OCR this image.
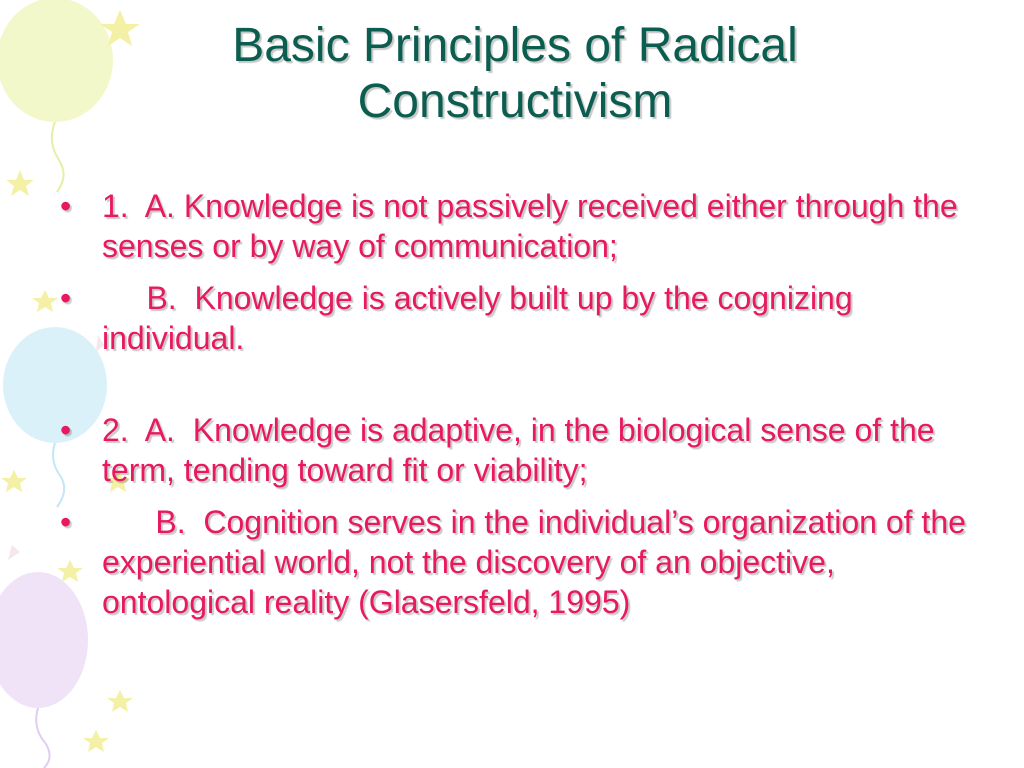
Basic Principles of Radical
Constructivism
• 1.  A. Knowledge is not passively received either through the senses or by way of communication;
• B.  Knowledge is actively built up by the cognizing individual.
• 2.  A.  Knowledge is adaptive, in the biological sense of the term, tending toward fit or viability;
• B.  Cognition serves in the individual’s organization of the experiential world, not the discovery of an objective, ontological reality (Glasersfeld, 1995)
